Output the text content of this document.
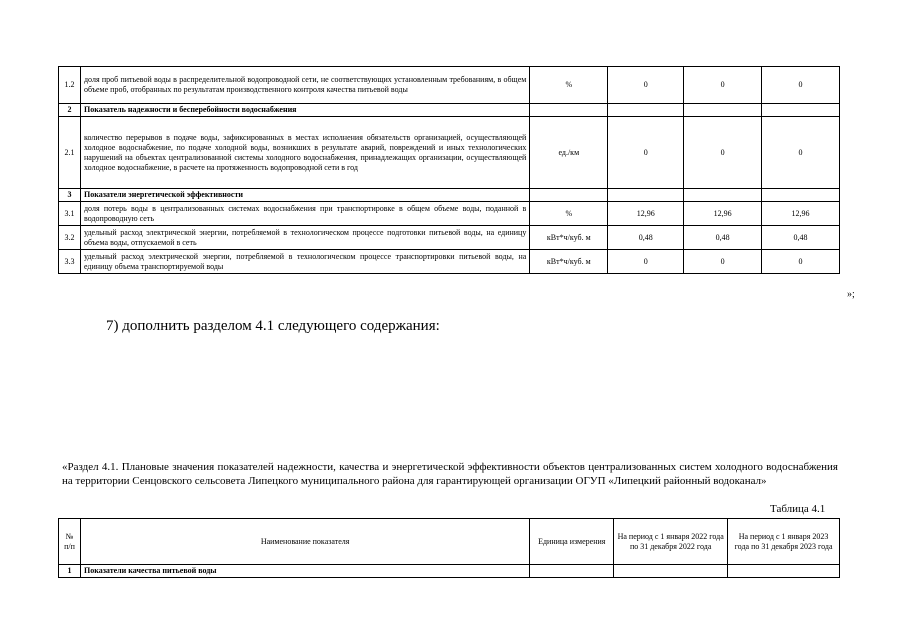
1.2	доля проб питьевой воды в распределительной водопроводной сети, не соответствующих установленным требованиям, в общем объеме проб, отобранных по результатам производственного контроля качества питьевой воды	%	0	0	0
2	Показатель надежности и бесперебойности водоснабжения				
2.1	количество перерывов в подаче воды, зафиксированных в местах исполнения обязательств организацией, осуществляющей холодное водоснабжение, по подаче холодной воды, возникших в результате аварий, повреждений и иных технологических нарушений на объектах централизованной системы холодного водоснабжения, принадлежащих организации, осуществляющей холодное водоснабжение, в расчете на протяженность водопроводной сети в год	ед./км	0	0	0
3	Показатели энергетической эффективности				
3.1	доля потерь воды в централизованных системах водоснабжения при транспортировке в общем объеме воды, поданной в водопроводную сеть	%	12,96	12,96	12,96
3.2	удельный расход электрической энергии, потребляемой в технологическом процессе подготовки питьевой воды, на единицу объема воды, отпускаемой в сеть	кВт*ч/куб. м	0,48	0,48	0,48
3.3	удельный расход электрической энергии, потребляемой в технологическом процессе транспортировки питьевой воды, на единицу объема транспортируемой воды	кВт*ч/куб. м	0	0	0
»;
7) дополнить разделом 4.1 следующего содержания:
«Раздел 4.1. Плановые значения показателей надежности, качества и энергетической эффективности объектов централизованных систем холодного водоснабжения на территории Сенцовского сельсовета Липецкого муниципального района для гарантирующей организации ОГУП «Липецкий районный водоканал»
Таблица 4.1
№ п/п	Наименование показателя	Единица измерения	На период с 1 января 2022 года по 31 декабря 2022 года	На период с 1 января 2023 года по 31 декабря 2023 года
1	Показатели качества питьевой воды			
